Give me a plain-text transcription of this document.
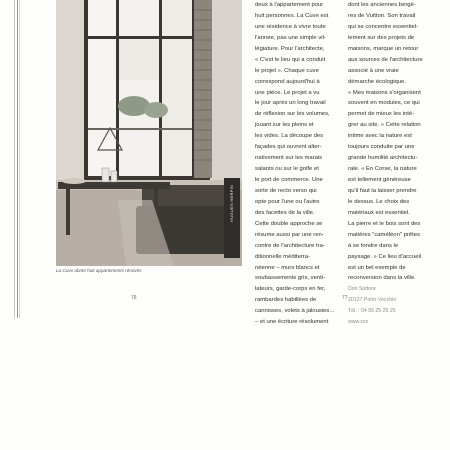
HUGUES HERPIN
La Cuve abrite huit appartements rénovés
deux à l'appartement pour
huit personnes. La Cuve est
une résidence à vivre toute
l'année, pas une simple vil-
légiature. Pour l'architecte,
« C'est le lieu qui a conduit
le projet ». Chaque cuve
correspond aujourd'hui à
une pièce. Le projet a vu
le jour après un long travail
de réflexion sur les volumes,
jouant sur les pleins et
les vides. La découpe des
façades qui ouvrent alter-
nativement sur les marais
salants ou sur le golfe et
le port de commerce. Une
sorte de recto verso qui
opte pour l'une ou l'autre
des facettes de la ville.
Cette double approche se
résume aussi par une ren-
contre de l'architecture tra-
ditionnelle méditerra-
néenne – murs blancs et
soubassements gris, venti-
lateurs, garde-corps en fer,
rambardes habillées de
cannisses, volets à jalousies...
– et une écriture résolument
dont les anciennes bergè-
res de Vuitton. Son travail
qui se concentre essentiel-
lement sur des projets de
maisons, marque un retour
aux sources de l'architecture
associé à une vraie
démarche écologique.
« Mes maisons s'organisent
souvent en modules, ce qui
permet de mieux les inté-
grer au site. » Cette relation
intime avec la nature est
toujours conduite par une
grande humilité architectu-
rale. « En Corse, la nature
est tellement généreuse
qu'il faut la laisser prendre
le dessus. Le choix des
matériaux est essentiel.
La pierre et le bois sont des
matières "caméléon" prêtes
à se fondre dans le
paysage. » Ce lieu d'accueil
est un bel exemple de
reconversion dans la ville.
Don Sottore
20137 Porto-Vecchio
Tél. : 04 95 25 25 25
www.xxx
76	77
